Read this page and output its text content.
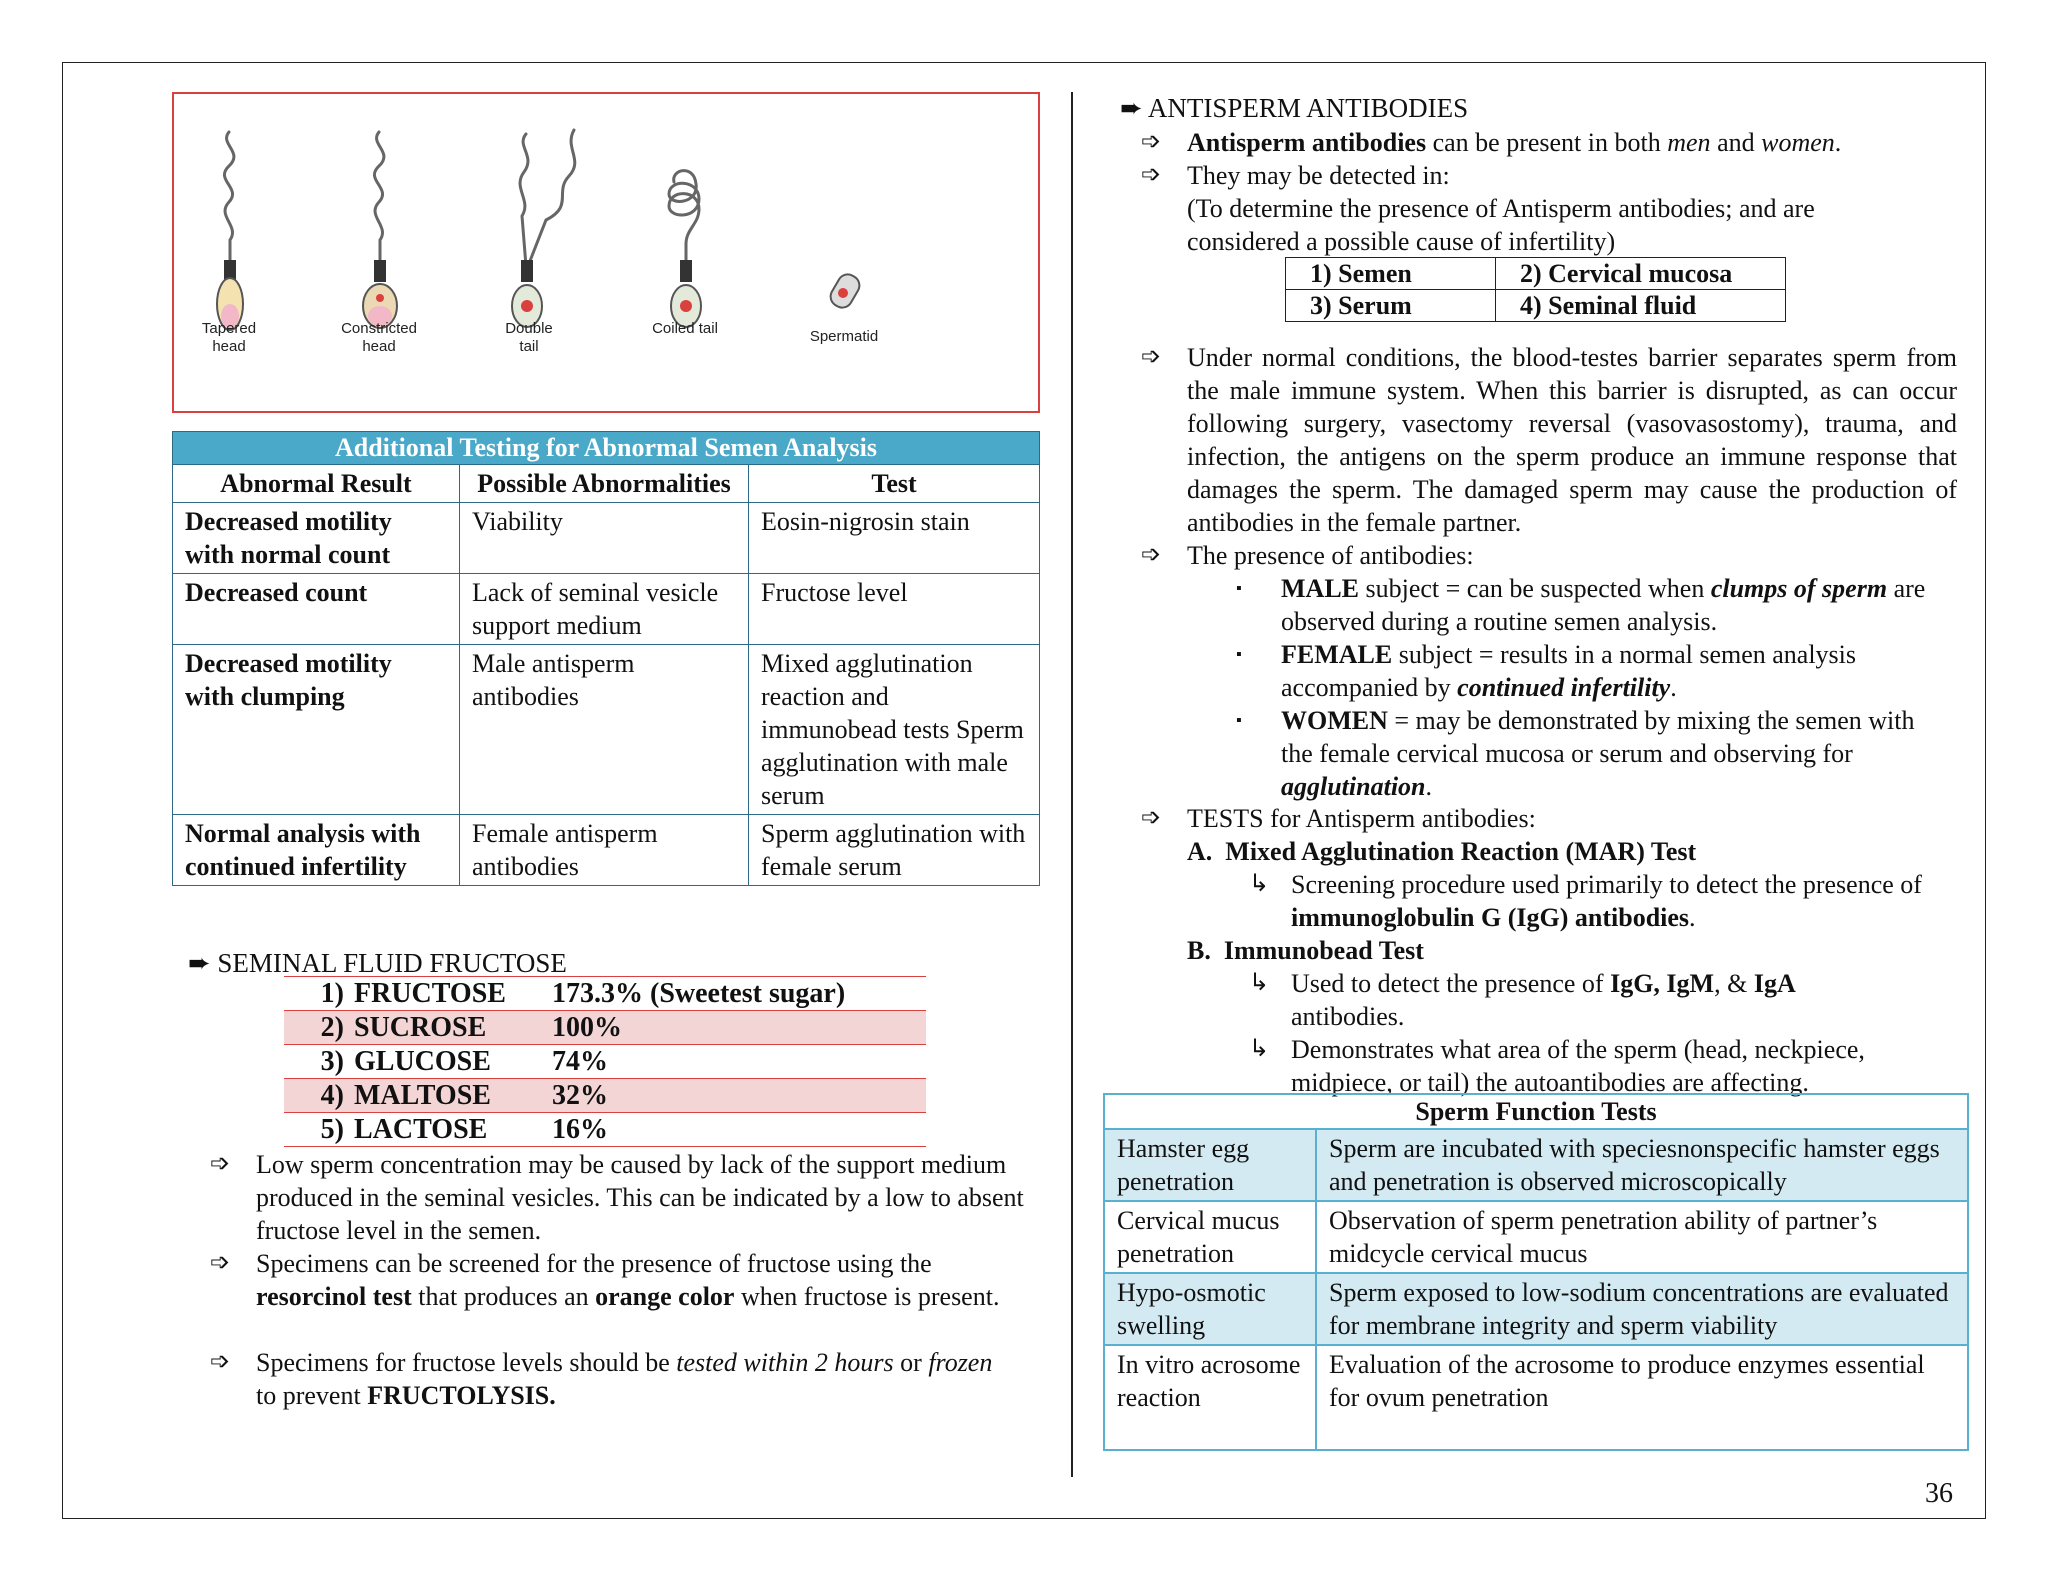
Tapered head
Constricted head
Double tail
Coiled tail	Spermatid
Additional Testing for Abnormal Semen Analysis		
Abnormal Result	Possible Abnormalities	Test
Decreased motility with normal count	Viability	Eosin-nigrosin stain
Decreased count	Lack of seminal vesicle support medium	Fructose level
Decreased motility with clumping	Male antisperm antibodies	Mixed agglutination reaction and immunobead tests Sperm agglutination with male serum
Normal analysis with continued infertility	Female antisperm antibodies	Sperm agglutination with female serum
➨ SEMINAL FLUID FRUCTOSE
1) FRUCTOSE	173.3% (Sweetest sugar)
2) SUCROSE	100%
3) GLUCOSE	74%
4) MALTOSE	32%
5) LACTOSE	16%
➩ Low sperm concentration may be caused by lack of the support medium produced in the seminal vesicles. This can be indicated by a low to absent fructose level in the semen.
➩ Specimens can be screened for the presence of fructose using the resorcinol test that produces an orange color when fructose is present.
➩ Specimens for fructose levels should be tested within 2 hours or frozen to prevent FRUCTOLYSIS.
➨ ANTISPERM ANTIBODIES
➩ Antisperm antibodies can be present in both men and women.
➩ They may be detected in:
(To determine the presence of Antisperm antibodies; and are considered a possible cause of infertility)
1) Semen	2) Cervical mucosa
3) Serum	4) Seminal fluid
➩ Under normal conditions, the blood-testes barrier separates sperm from the male immune system. When this barrier is disrupted, as can occur following surgery, vasectomy reversal (vasovasostomy), trauma, and infection, the antigens on the sperm produce an immune response that damages the sperm. The damaged sperm may cause the production of antibodies in the female partner.
➩ The presence of antibodies:
▪ MALE subject = can be suspected when clumps of sperm are observed during a routine semen analysis.
▪ FEMALE subject = results in a normal semen analysis accompanied by continued infertility.
▪ WOMEN = may be demonstrated by mixing the semen with the female cervical mucosa or serum and observing for agglutination.
➩ TESTS for Antisperm antibodies:
A. Mixed Agglutination Reaction (MAR) Test
↳ Screening procedure used primarily to detect the presence of immunoglobulin G (IgG) antibodies.
B. Immunobead Test
↳ Used to detect the presence of IgG, IgM, & IgA antibodies.
↳ Demonstrates what area of the sperm (head, neckpiece, midpiece, or tail) the autoantibodies are affecting.
Sperm Function Tests	
Hamster egg penetration	Sperm are incubated with speciesnonspecific hamster eggs and penetration is observed microscopically
Cervical mucus penetration	Observation of sperm penetration ability of partner’s midcycle cervical mucus
Hypo-osmotic swelling	Sperm exposed to low-sodium concentrations are evaluated for membrane integrity and sperm viability
In vitro acrosome reaction	Evaluation of the acrosome to produce enzymes essential for ovum penetration
36
